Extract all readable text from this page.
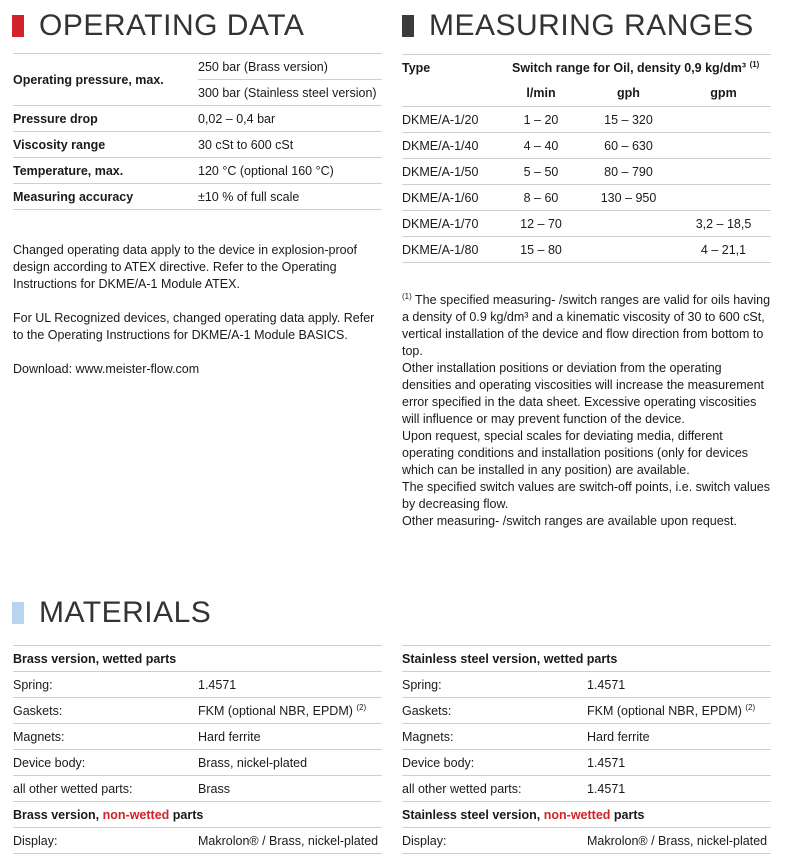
OPERATING DATA
Operating pressure, max.	250 bar (Brass version)
	300 bar (Stainless steel version)
Pressure drop	0,02 – 0,4 bar
Viscosity range	30 cSt to 600 cSt
Temperature, max.	120 °C (optional 160 °C)
Measuring accuracy	±10 % of full scale

Changed operating data apply to the device in explosion-proof design according to ATEX directive. Refer to the Operating Instructions for DKME/A-1 Module ATEX.

For UL Recognized devices, changed operating data apply. Refer to the Operating Instructions for DKME/A-1 Module BASICS.

Download: www.meister-flow.com

MEASURING RANGES
Type	Switch range for Oil, density 0,9 kg/dm³ $^{(1)}$
	l/min	gph	gpm
DKME/A-1/20	1 – 20	15 – 320	
DKME/A-1/40	4 – 40	60 – 630	
DKME/A-1/50	5 – 50	80 – 790	
DKME/A-1/60	8 – 60	130 – 950	
DKME/A-1/70	12 – 70		3,2 – 18,5
DKME/A-1/80	15 – 80		4 – 21,1

$^{(1)}$ The specified measuring- /switch ranges are valid for oils having a density of 0.9 kg/dm³ and a kinematic viscosity of 30 to 600 cSt, vertical installation of the device and flow direction from bottom to top.

Other installation positions or deviation from the operating densities and operating viscosities will increase the measurement error specified in the data sheet. Excessive operating viscosities will influence or may prevent function of the device.

Upon request, special scales for deviating media, different operating conditions and installation positions (only for devices which can be installed in any position) are available.

The specified switch values are switch-off points, i.e. switch values by decreasing flow.

Other measuring- /switch ranges are available upon request.

MATERIALS
Brass version, wetted parts	
Spring:	1.4571
Gaskets:	FKM (optional NBR, EPDM) $^{(2)}$
Magnets:	Hard ferrite
Device body:	Brass, nickel-plated
all other wetted parts:	Brass
Brass version, non-wetted parts	
Display:	Makrolon® / Brass, nickel-plated
Stainless steel version, wetted parts	
Spring:	1.4571
Gaskets:	FKM (optional NBR, EPDM) $^{(2)}$
Magnets:	Hard ferrite
Device body:	1.4571
all other wetted parts:	1.4571
Stainless steel version, non-wetted parts	
Display:	Makrolon® / Brass, nickel-plated
